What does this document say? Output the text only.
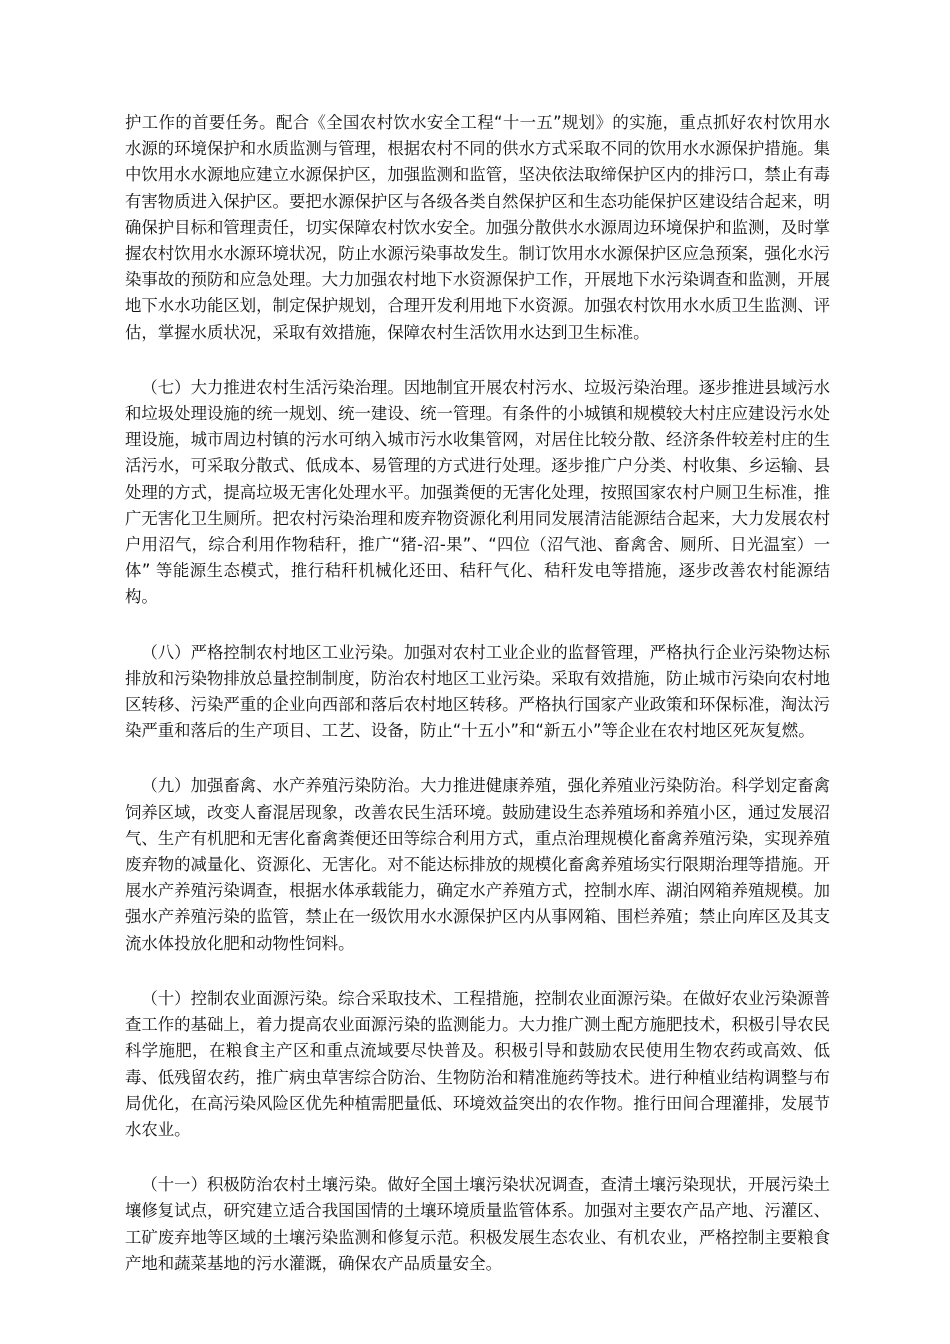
护工作的首要任务。配合《全国农村饮水安全工程“十一五”规划》的实施，重点抓好农村饮用水水源的环境保护和水质监测与管理，根据农村不同的供水方式采取不同的饮用水水源保护措施。集中饮用水水源地应建立水源保护区，加强监测和监管，坚决依法取缔保护区内的排污口，禁止有毒有害物质进入保护区。要把水源保护区与各级各类自然保护区和生态功能保护区建设结合起来，明确保护目标和管理责任，切实保障农村饮水安全。加强分散供水水源周边环境保护和监测，及时掌握农村饮用水水源环境状况，防止水源污染事故发生。制订饮用水水源保护区应急预案，强化水污染事故的预防和应急处理。大力加强农村地下水资源保护工作，开展地下水污染调查和监测，开展地下水水功能区划，制定保护规划，合理开发利用地下水资源。加强农村饮用水水质卫生监测、评估，掌握水质状况，采取有效措施，保障农村生活饮用水达到卫生标准。

（七）大力推进农村生活污染治理。因地制宜开展农村污水、垃圾污染治理。逐步推进县域污水和垃圾处理设施的统一规划、统一建设、统一管理。有条件的小城镇和规模较大村庄应建设污水处理设施，城市周边村镇的污水可纳入城市污水收集管网，对居住比较分散、经济条件较差村庄的生活污水，可采取分散式、低成本、易管理的方式进行处理。逐步推广户分类、村收集、乡运输、县处理的方式，提高垃圾无害化处理水平。加强粪便的无害化处理，按照国家农村户厕卫生标准，推广无害化卫生厕所。把农村污染治理和废弃物资源化利用同发展清洁能源结合起来，大力发展农村户用沼气，综合利用作物秸秆，推广“猪-沼-果”、“四位（沼气池、畜禽舍、厕所、日光温室）一体” 等能源生态模式，推行秸秆机械化还田、秸秆气化、秸秆发电等措施，逐步改善农村能源结构。

（八）严格控制农村地区工业污染。加强对农村工业企业的监督管理，严格执行企业污染物达标排放和污染物排放总量控制制度，防治农村地区工业污染。采取有效措施，防止城市污染向农村地区转移、污染严重的企业向西部和落后农村地区转移。严格执行国家产业政策和环保标准，淘汰污染严重和落后的生产项目、工艺、设备，防止“十五小”和“新五小”等企业在农村地区死灰复燃。

（九）加强畜禽、水产养殖污染防治。大力推进健康养殖，强化养殖业污染防治。科学划定畜禽饲养区域，改变人畜混居现象，改善农民生活环境。鼓励建设生态养殖场和养殖小区，通过发展沼气、生产有机肥和无害化畜禽粪便还田等综合利用方式，重点治理规模化畜禽养殖污染，实现养殖废弃物的减量化、资源化、无害化。对不能达标排放的规模化畜禽养殖场实行限期治理等措施。开展水产养殖污染调查，根据水体承载能力，确定水产养殖方式，控制水库、湖泊网箱养殖规模。加强水产养殖污染的监管，禁止在一级饮用水水源保护区内从事网箱、围栏养殖；禁止向库区及其支流水体投放化肥和动物性饲料。

（十）控制农业面源污染。综合采取技术、工程措施，控制农业面源污染。在做好农业污染源普查工作的基础上，着力提高农业面源污染的监测能力。大力推广测土配方施肥技术，积极引导农民科学施肥，在粮食主产区和重点流域要尽快普及。积极引导和鼓励农民使用生物农药或高效、低毒、低残留农药，推广病虫草害综合防治、生物防治和精准施药等技术。进行种植业结构调整与布局优化，在高污染风险区优先种植需肥量低、环境效益突出的农作物。推行田间合理灌排，发展节水农业。

（十一）积极防治农村土壤污染。做好全国土壤污染状况调查，查清土壤污染现状，开展污染土壤修复试点，研究建立适合我国国情的土壤环境质量监管体系。加强对主要农产品产地、污灌区、工矿废弃地等区域的土壤污染监测和修复示范。积极发展生态农业、有机农业，严格控制主要粮食产地和蔬菜基地的污水灌溉，确保农产品质量安全。
